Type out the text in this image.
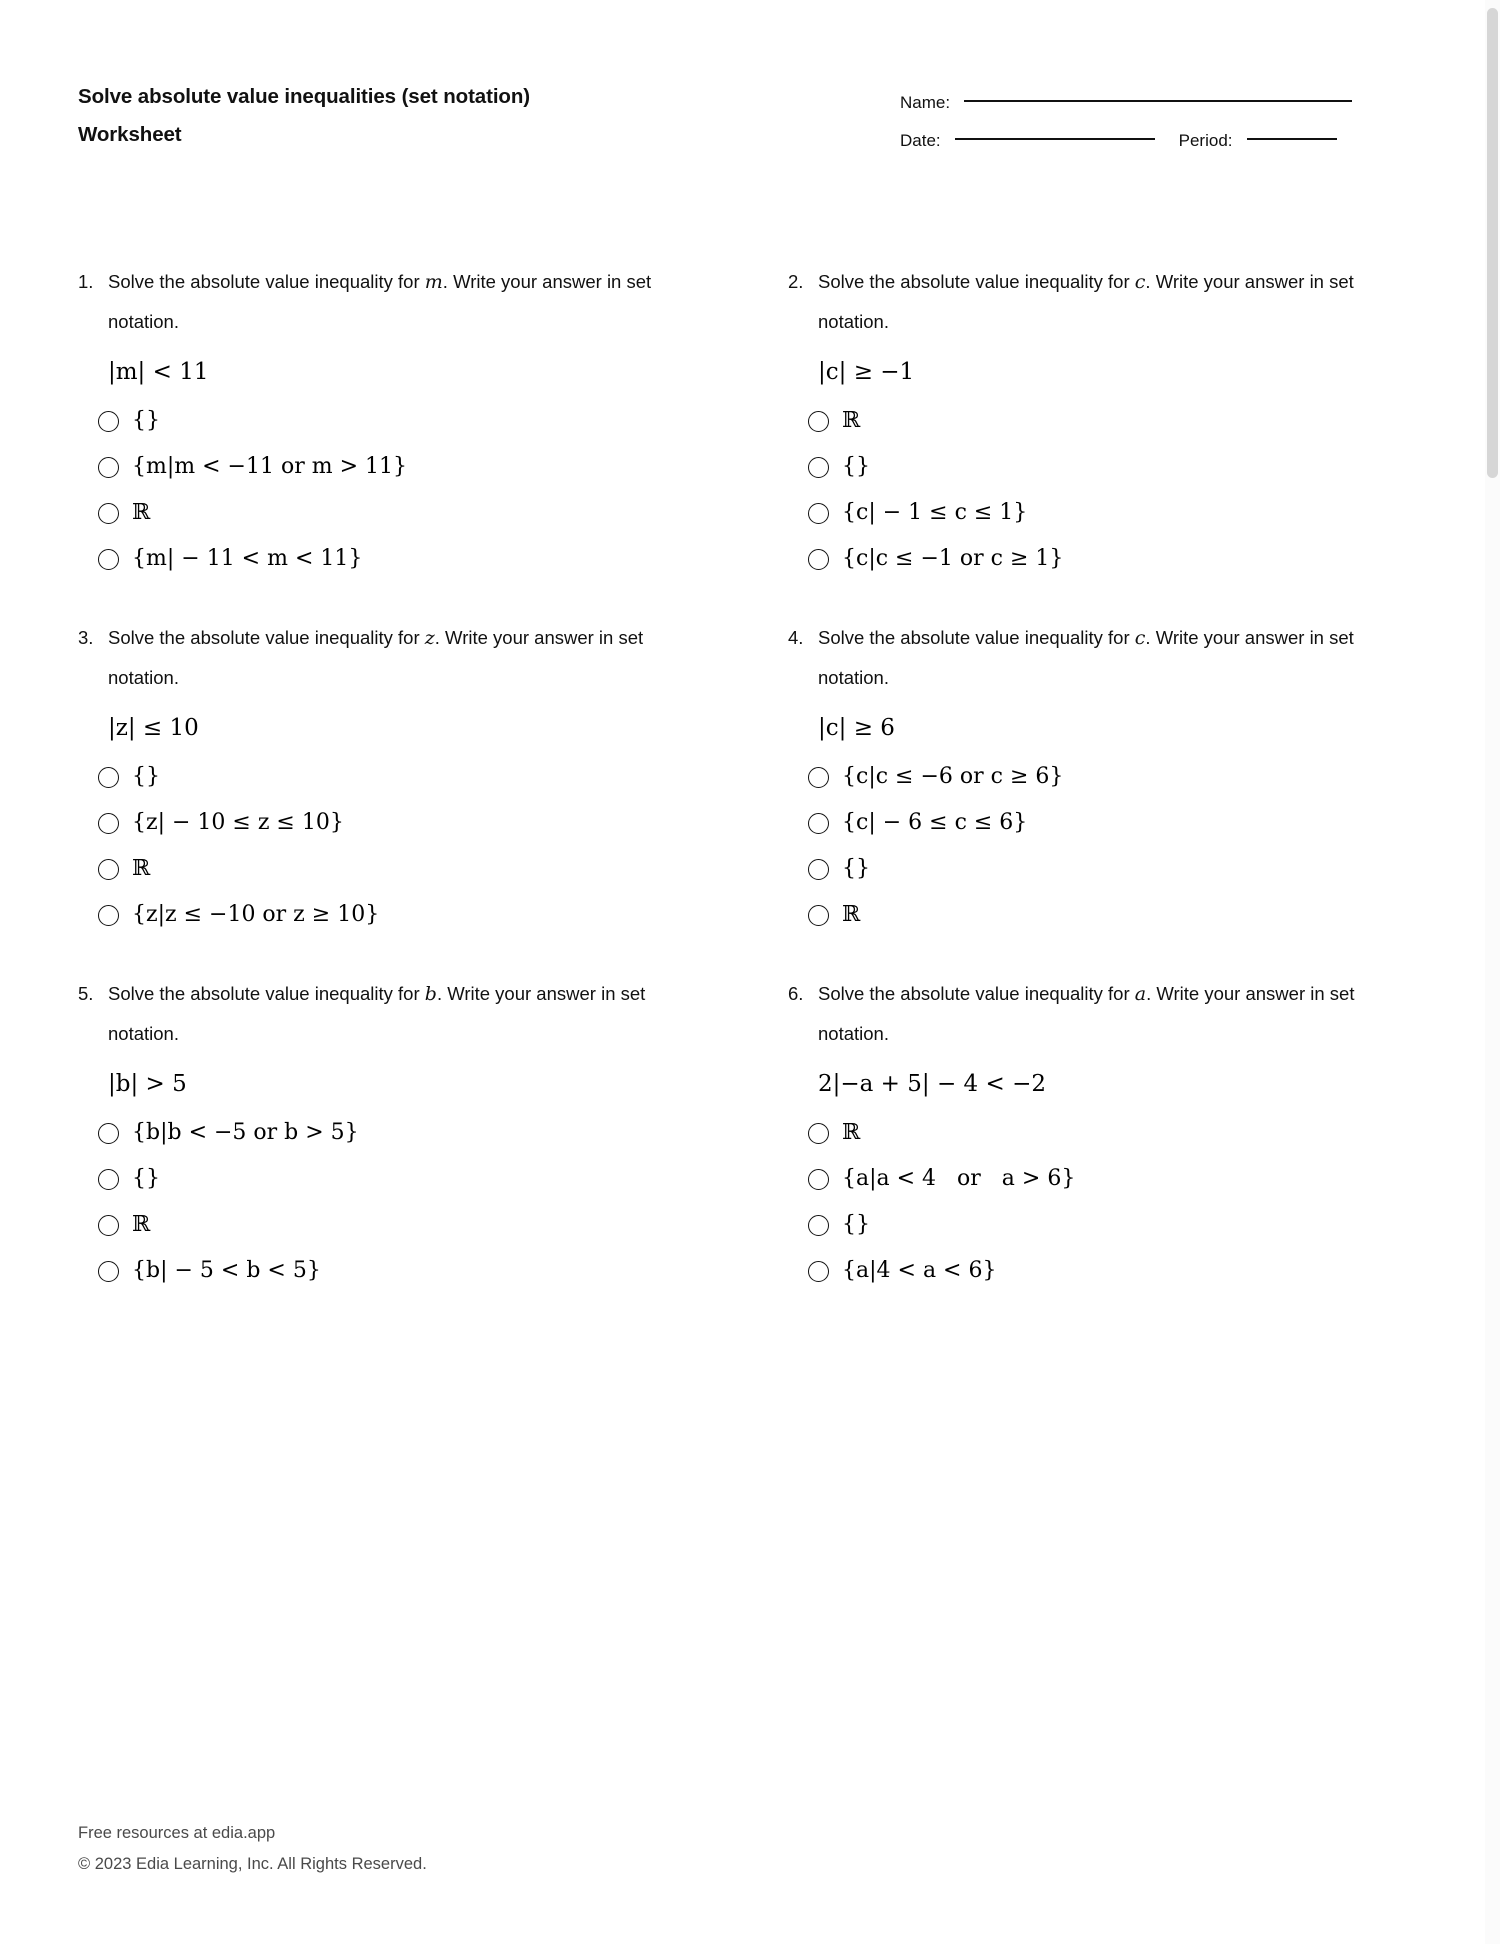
Solve absolute value inequalities (set notation)
Worksheet
Name:
Date:	Period:
1. Solve the absolute value inequality for m. Write your answer in set notation.
|m| < 11
{}
{m|m < −11 or m > 11}
ℝ
{m| − 11 < m < 11}
2. Solve the absolute value inequality for c. Write your answer in set notation.
|c| ≥ −1
ℝ
{}
{c| − 1 ≤ c ≤ 1}
{c|c ≤ −1 or c ≥ 1}
3. Solve the absolute value inequality for z. Write your answer in set notation.
|z| ≤ 10
{}
{z| − 10 ≤ z ≤ 10}
ℝ
{z|z ≤ −10 or z ≥ 10}
4. Solve the absolute value inequality for c. Write your answer in set notation.
|c| ≥ 6
{c|c ≤ −6 or c ≥ 6}
{c| − 6 ≤ c ≤ 6}
{}
ℝ
5. Solve the absolute value inequality for b. Write your answer in set notation.
|b| > 5
{b|b < −5 or b > 5}
{}
ℝ
{b| − 5 < b < 5}
6. Solve the absolute value inequality for a. Write your answer in set notation.
2|−a + 5| − 4 < −2
ℝ
{a|a < 4   or   a > 6}
{}
{a|4 < a < 6}
Free resources at edia.app
© 2023 Edia Learning, Inc. All Rights Reserved.
